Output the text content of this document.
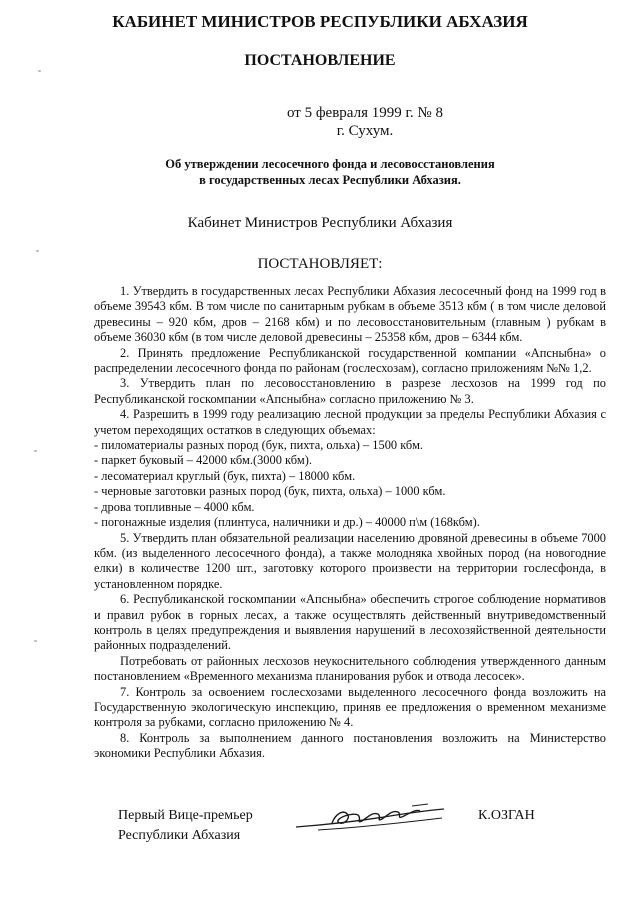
КАБИНЕТ МИНИСТРОВ РЕСПУБЛИКИ АБХАЗИЯ
ПОСТАНОВЛЕНИЕ
от 5 февраля 1999 г. № 8
г. Сухум.
Об утверждении лесосечного фонда и лесовосстановления
в государственных лесах Республики Абхазия.
Кабинет Министров Республики Абхазия
ПОСТАНОВЛЯЕТ:

1. Утвердить в государственных лесах Республики Абхазия лесосечный фонд на 1999 год в объеме 39543 кбм. В том числе по санитарным рубкам в объеме 3513 кбм ( в том числе деловой древесины – 920 кбм, дров – 2168 кбм) и по лесовосстановительным (главным ) рубкам в объеме 36030 кбм (в том числе деловой древесины – 25358 кбм, дров – 6344 кбм.

2. Принять предложение Республиканской государственной компании «Апсныбна» о распределении лесосечного фонда по районам (гослесхозам), согласно приложениям №№ 1,2.

3. Утвердить план по лесовосстановлению в разрезе лесхозов на 1999 год по Республиканской госкомпании «Апсныбна» согласно приложению № 3.

4. Разрешить в 1999 году реализацию лесной продукции за пределы Республики Абхазия с учетом переходящих остатков в следующих объемах:

- пиломатериалы разных пород (бук, пихта, ольха) – 1500 кбм.

- паркет буковый – 42000 кбм.(3000 кбм).

- лесоматериал круглый (бук, пихта) – 18000 кбм.

- черновые заготовки разных пород (бук, пихта, ольха) – 1000 кбм.

- дрова топливные – 4000 кбм.

- погонажные изделия (плинтуса, наличники и др.) – 40000 п\м (168кбм).

5. Утвердить план обязательной реализации населению дровяной древесины в объеме 7000 кбм. (из выделенного лесосечного фонда), а также молодняка хвойных пород (на новогодние елки) в количестве 1200 шт., заготовку которого произвести на территории гослесфонда, в установленном порядке.

6. Республиканской госкомпании «Апсныбна» обеспечить строгое соблюдение нормативов и правил рубок в горных лесах, а также осуществлять действенный внутриведомственный контроль в целях предупреждения и выявления нарушений в лесохозяйственной деятельности районных подразделений.

Потребовать от районных лесхозов неукоснительного соблюдения утвержденного данным постановлением «Временного механизма планирования рубок и отвода лесосек».

7. Контроль за освоением гослесхозами выделенного лесосечного фонда возложить на Государственную экологическую инспекцию, приняв ее предложения о временном механизме контроля за рубками, согласно приложению № 4.

8. Контроль за выполнением данного постановления возложить на Министерство экономики Республики Абхазия.

Первый Вице-премьер
Республики Абхазия
К.ОЗГАН
